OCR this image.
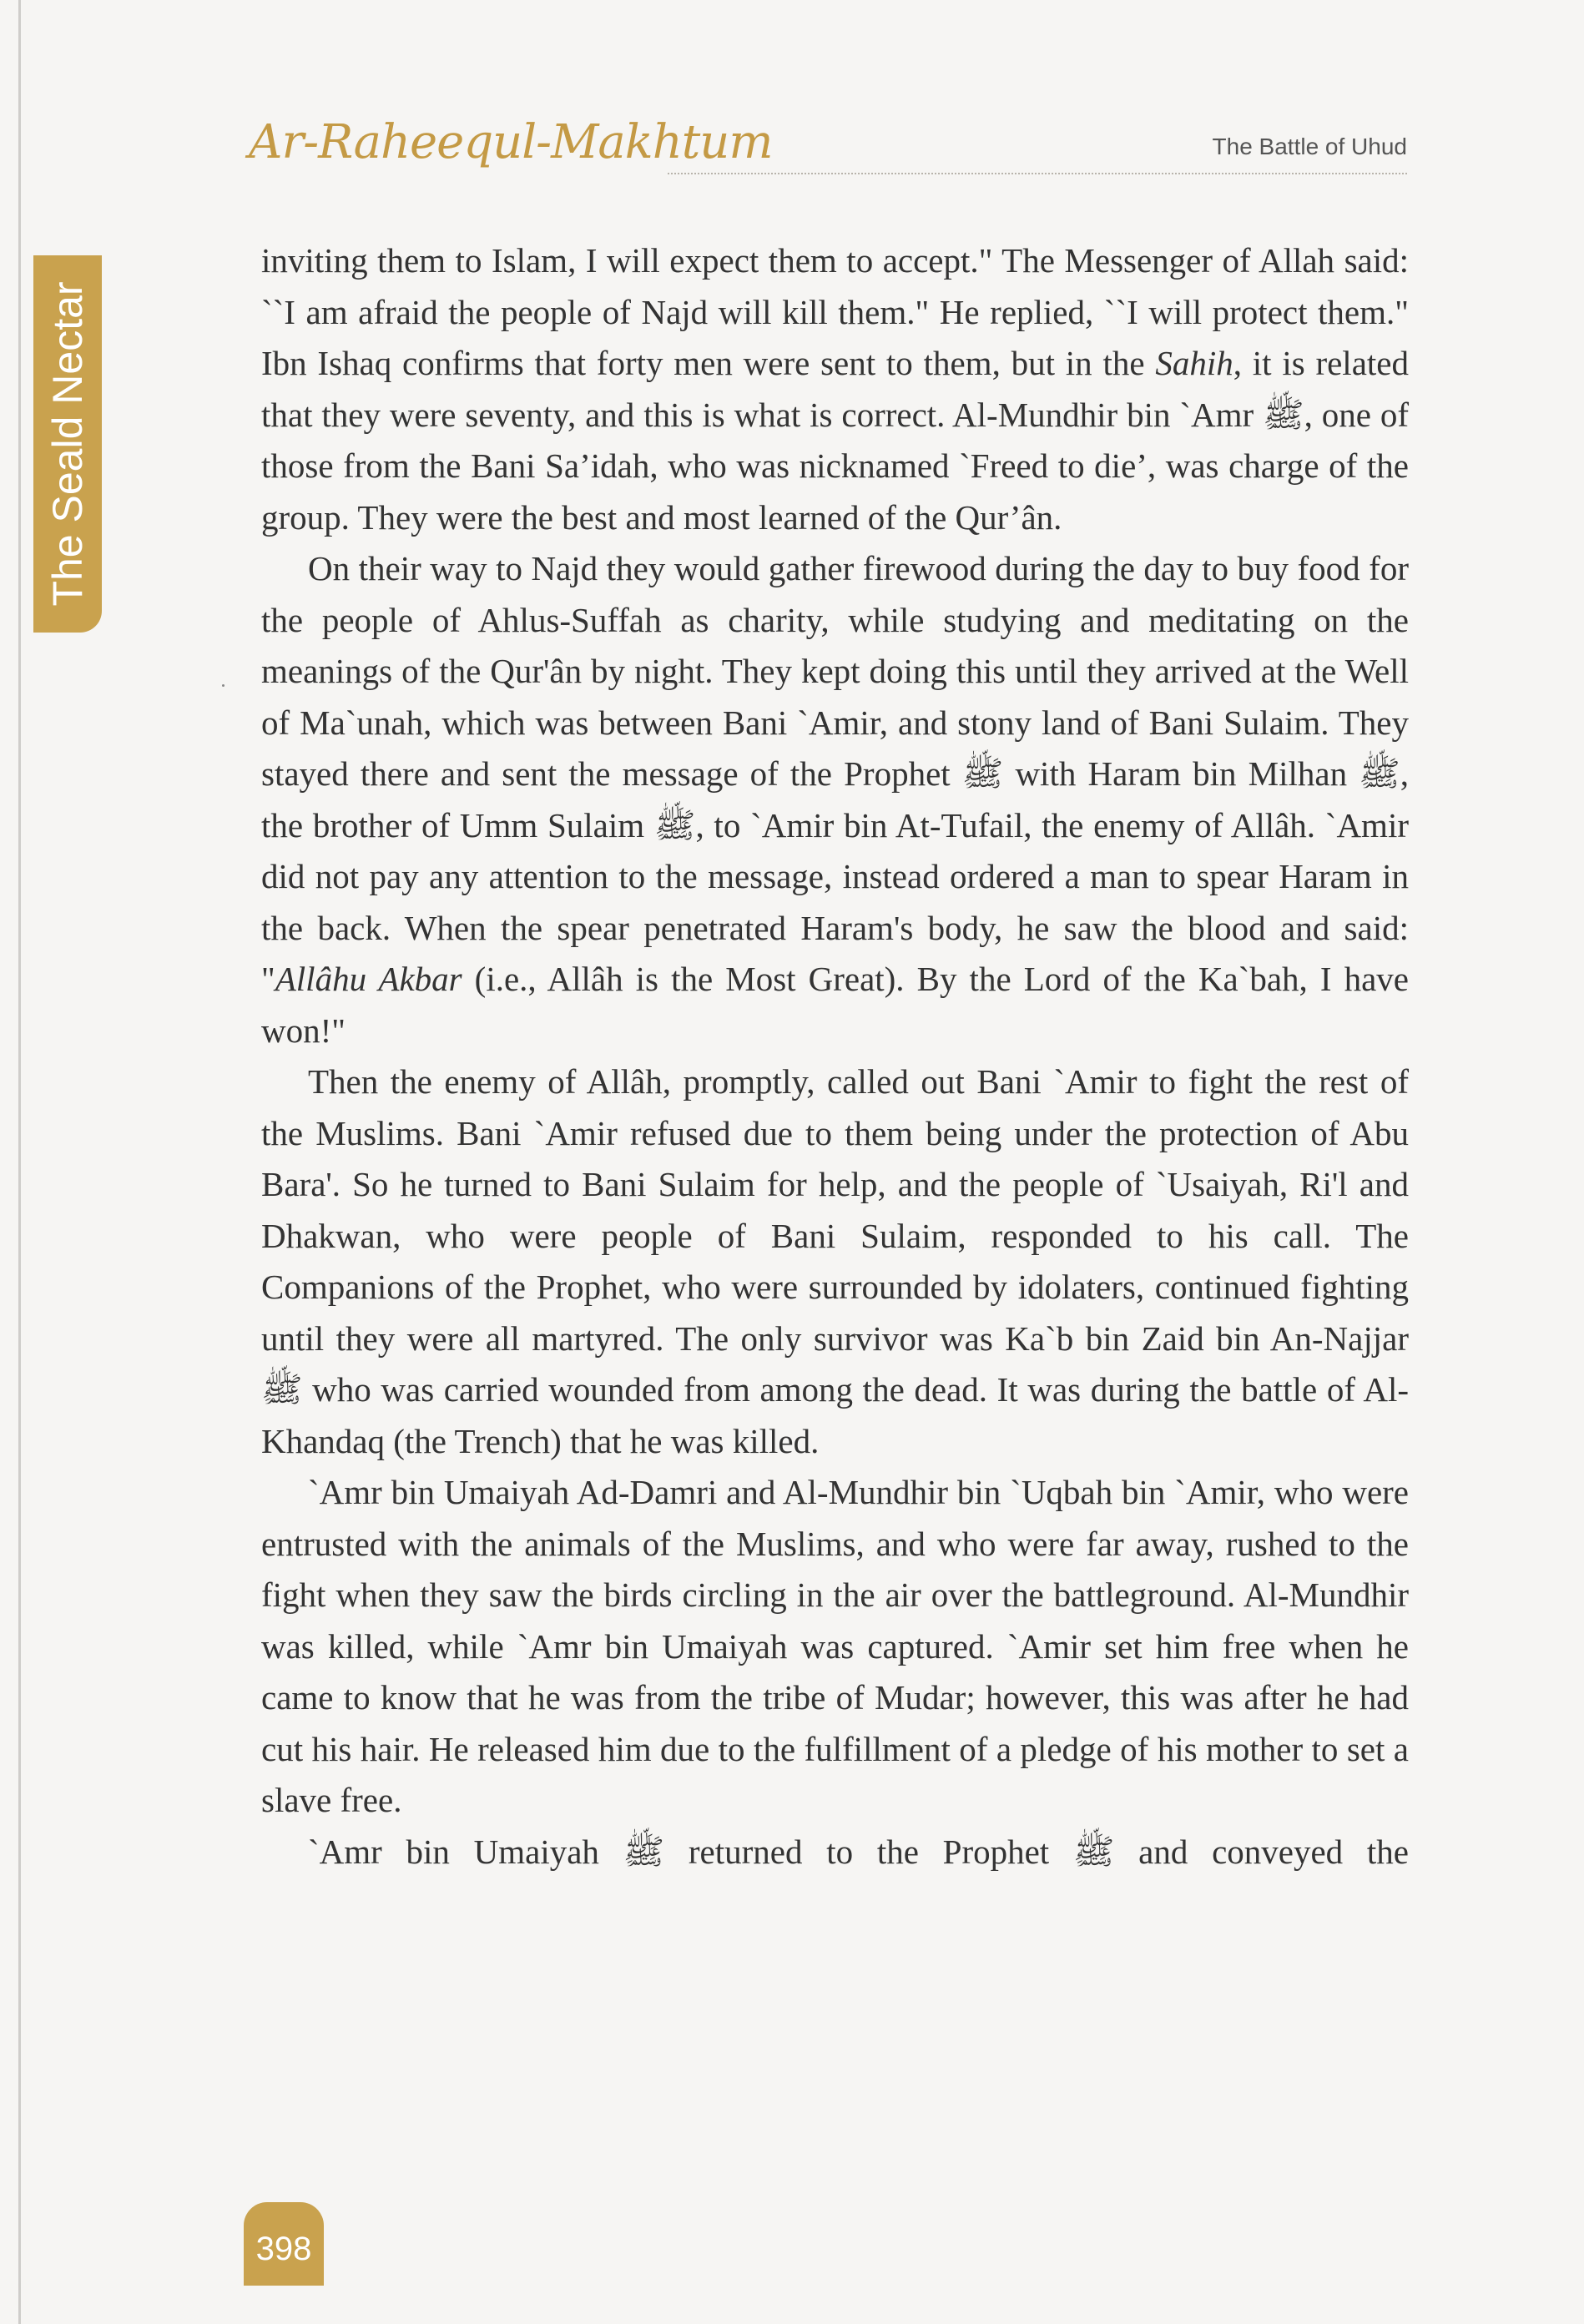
The Seald Nectar
Ar-Raheequl-Makhtum	The Battle of Uhud

inviting them to Islam, I will expect them to accept." The Messenger of Allah said: ``I am afraid the people of Najd will kill them." He replied, ``I will protect them." Ibn Ishaq confirms that forty men were sent to them, but in the Sahih, it is related that they were seventy, and this is what is correct. Al-Mundhir bin `Amr ﷺ, one of those from the Bani Sa’idah, who was nicknamed `Freed to die’, was charge of the group. They were the best and most learned of the Qur’ân.

On their way to Najd they would gather firewood during the day to buy food for the people of Ahlus-Suffah as charity, while studying and meditating on the meanings of the Qur'ân by night. They kept doing this until they arrived at the Well of Ma`unah, which was between Bani `Amir, and stony land of Bani Sulaim. They stayed there and sent the message of the Prophet ﷺ with Haram bin Milhan ﷺ, the brother of Umm Sulaim ﷺ, to `Amir bin At-Tufail, the enemy of Allâh. `Amir did not pay any attention to the message, instead ordered a man to spear Haram in the back. When the spear penetrated Haram's body, he saw the blood and said: "Allâhu Akbar (i.e., Allâh is the Most Great). By the Lord of the Ka`bah, I have won!"

Then the enemy of Allâh, promptly, called out Bani `Amir to fight the rest of the Muslims. Bani `Amir refused due to them being under the protection of Abu Bara'. So he turned to Bani Sulaim for help, and the people of `Usaiyah, Ri'l and Dhakwan, who were people of Bani Sulaim, responded to his call. The Companions of the Prophet, who were surrounded by idolaters, continued fighting until they were all martyred. The only survivor was Ka`b bin Zaid bin An-Najjar ﷺ who was carried wounded from among the dead. It was during the battle of Al-Khandaq (the Trench) that he was killed.

`Amr bin Umaiyah Ad-Damri and Al-Mundhir bin `Uqbah bin `Amir, who were entrusted with the animals of the Muslims, and who were far away, rushed to the fight when they saw the birds circling in the air over the battleground. Al-Mundhir was killed, while `Amr bin Umaiyah was captured. `Amir set him free when he came to know that he was from the tribe of Mudar; however, this was after he had cut his hair. He released him due to the fulfillment of a pledge of his mother to set a slave free.

`Amr bin Umaiyah ﷺ returned to the Prophet ﷺ and conveyed the

398
